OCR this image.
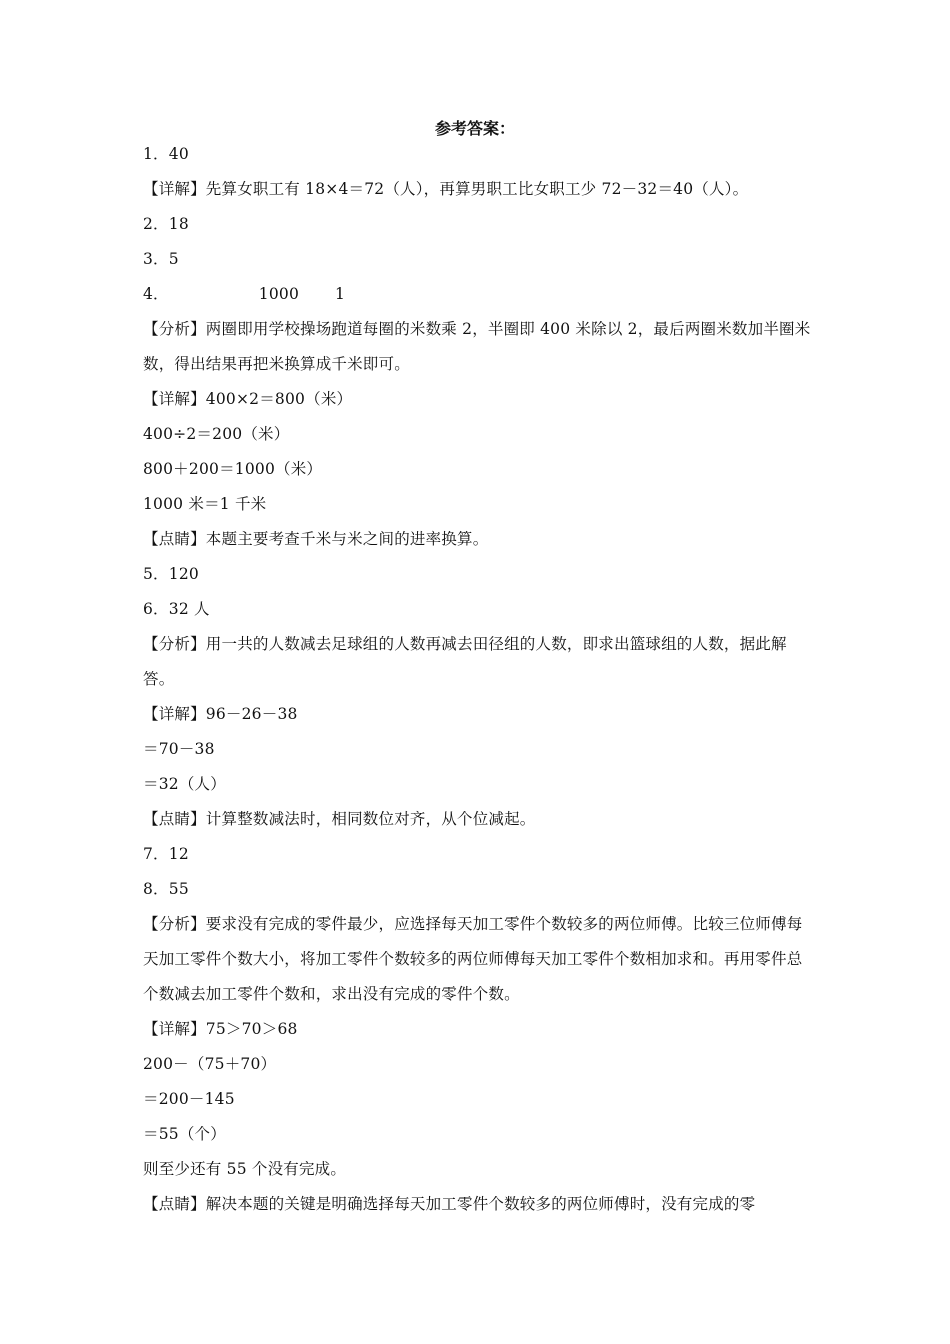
参考答案：
1．40
【详解】先算女职工有 18×4＝72（人），再算男职工比女职工少 72－32＝40（人）。
2．18
3．5
4．	1000 1
【分析】两圈即用学校操场跑道每圈的米数乘 2，半圈即 400 米除以 2，最后两圈米数加半圈米数，得出结果再把米换算成千米即可。
【详解】400×2＝800（米）
400÷2＝200（米）
800＋200＝1000（米）
1000 米＝1 千米
【点睛】本题主要考查千米与米之间的进率换算。
5．120
6．32 人
【分析】用一共的人数减去足球组的人数再减去田径组的人数，即求出篮球组的人数，据此解答。
【详解】96－26－38
＝70－38
＝32（人）
【点睛】计算整数减法时，相同数位对齐，从个位减起。
7．12
8．55
【分析】要求没有完成的零件最少，应选择每天加工零件个数较多的两位师傅。比较三位师傅每天加工零件个数大小，将加工零件个数较多的两位师傅每天加工零件个数相加求和。再用零件总个数减去加工零件个数和，求出没有完成的零件个数。
【详解】75＞70＞68
200－（75＋70）
＝200－145
＝55（个）
则至少还有 55 个没有完成。
【点睛】解决本题的关键是明确选择每天加工零件个数较多的两位师傅时，没有完成的零
